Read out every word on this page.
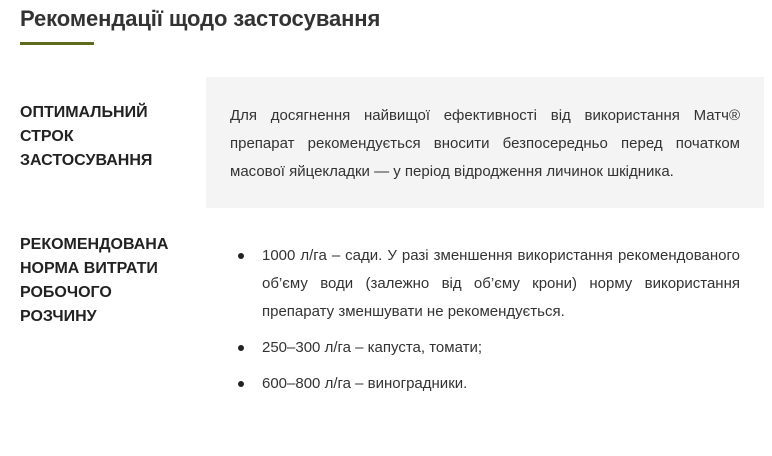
Рекомендації щодо застосування
ОПТИМАЛЬНИЙ СТРОК ЗАСТОСУВАННЯ

Для досягнення найвищої ефективності від використання Матч® препарат рекомендується вносити безпосередньо перед початком масової яйцекладки — у період відродження личинок шкідника.

РЕКОМЕНДОВАНА НОРМА ВИТРАТИ РОБОЧОГО РОЗЧИНУ
1000 л/га – сади. У разі зменшення використання рекомендованого об’єму води (залежно від об’єму крони) норму використання препарату зменшувати не рекомендується.
250–300 л/га – капуста, томати;
600–800 л/га – виноградники.
